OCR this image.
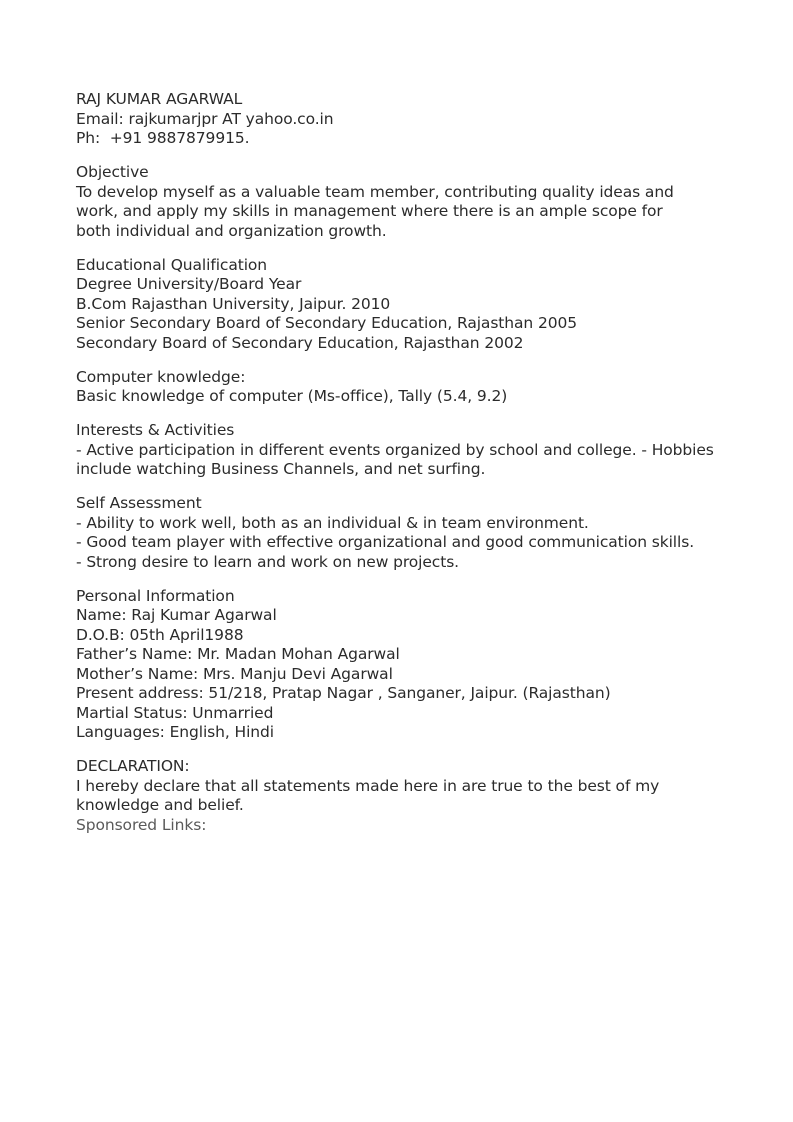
RAJ KUMAR AGARWAL
Email: rajkumarjpr AT yahoo.co.in
Ph:  +91 9887879915.
Objective
To develop myself as a valuable team member, contributing quality ideas and work, and apply my skills in management where there is an ample scope for both individual and organization growth.
Educational Qualification
Degree University/Board Year
B.Com Rajasthan University, Jaipur. 2010
Senior Secondary Board of Secondary Education, Rajasthan 2005
Secondary Board of Secondary Education, Rajasthan 2002
Computer knowledge:
Basic knowledge of computer (Ms-office), Tally (5.4, 9.2)
Interests & Activities
- Active participation in different events organized by school and college. - Hobbies include watching Business Channels, and net surfing.
Self Assessment
- Ability to work well, both as an individual & in team environment.
- Good team player with effective organizational and good communication skills.
- Strong desire to learn and work on new projects.
Personal Information
Name: Raj Kumar Agarwal
D.O.B: 05th April1988
Father’s Name: Mr. Madan Mohan Agarwal
Mother’s Name: Mrs. Manju Devi Agarwal
Present address: 51/218, Pratap Nagar , Sanganer, Jaipur. (Rajasthan)
Martial Status: Unmarried
Languages: English, Hindi
DECLARATION:
I hereby declare that all statements made here in are true to the best of my knowledge and belief.
Sponsored Links:
